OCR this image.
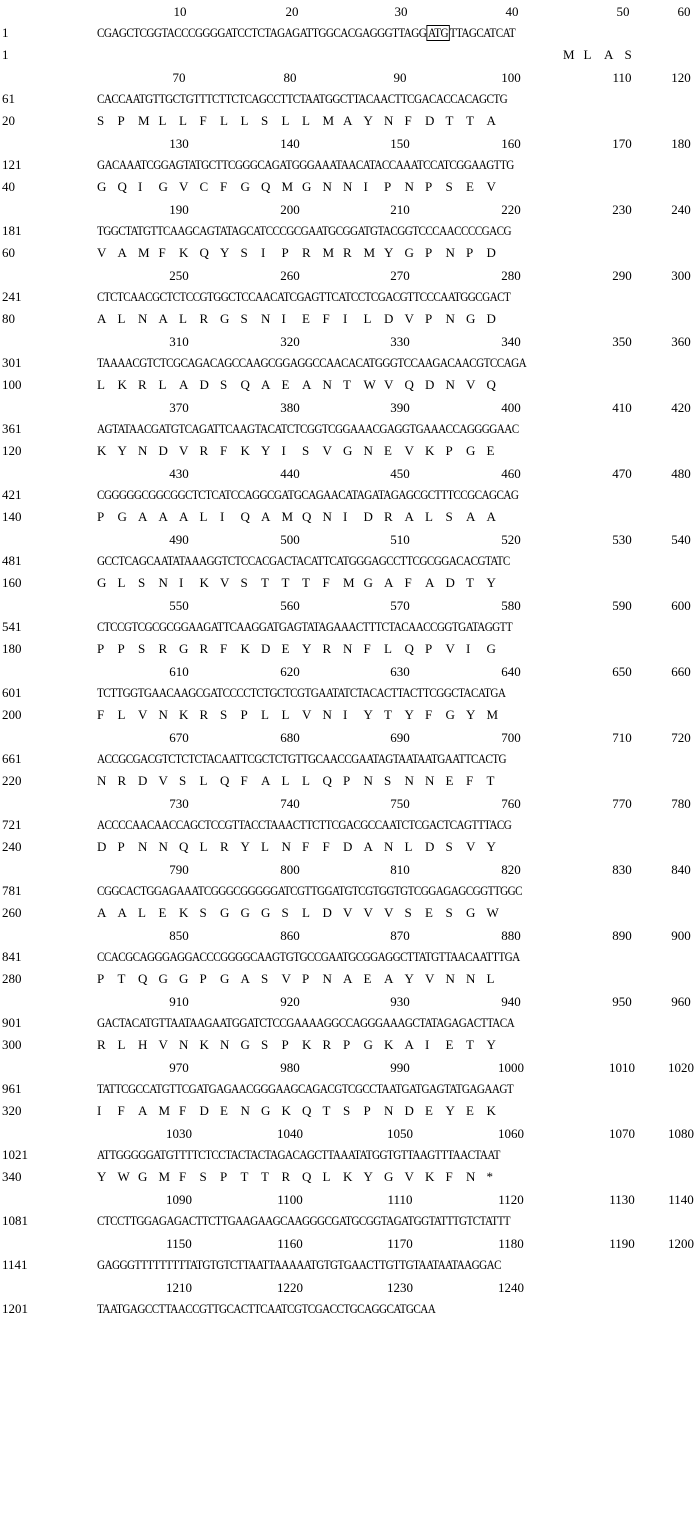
10	20	30	40	50	60
1	CGAGCTCGGTACCCGGGGATCCTCTAGAGATTGGCACGAGGGTTAGG ATG TTAGCATCAT
1	M L A S
70	80	90	100	110	120
61	CACCAATGTTGCTGTTTCTTCTCAGCCTTCTAATGGCTTACAACTTCGACACCACAGCTG
20	S P M L L F L L S L L M A Y N F D T T A
130	140	150	160	170	180
121	GACAAATCGGAGTATGCTTCGGGCAGATGGGAAATAACATACCAAATCCATCGGAAGTTG
40	G Q I G V C F G Q M G N N I P N P S E V
190	200	210	220	230	240
181	TGGCTATGTTCAAGCAGTATAGCATCCCGCGAATGCGGATGTACGGTCCCAACCCCGACG
60	V A M F K Q Y S I P R M R M Y G P N P D
250	260	270	280	290	300
241	CTCTCAACGCTCTCCGTGGCTCCAACATCGAGTTCATCCTCGACGTTCCCAATGGCGACT
80	A L N A L R G S N I E F I L D V P N G D
310	320	330	340	350	360
301	TAAAACGTCTCGCAGACAGCCAAGCGGAGGCCAACACATGGGTCCAAGACAACGTCCAGA
100	L K R L A D S Q A E A N T W V Q D N V Q
370	380	390	400	410	420
361	AGTATAACGATGTCAGATTCAAGTACATCTCGGTCGGAAACGAGGTGAAACCAGGGGAAC
120	K Y N D V R F K Y I S V G N E V K P G E
430	440	450	460	470	480
421	CGGGGGCGGCGGCTCTCATCCAGGCGATGCAGAACATAGATAGAGCGCTTTCCGCAGCAG
140	P G A A A L I Q A M Q N I D R A L S A A
490	500	510	520	530	540
481	GCCTCAGCAATATAAAGGTCTCCACGACTACATTCATGGGAGCCTTCGCGGACACGTATC
160	G L S N I K V S T T T F M G A F A D T Y
550	560	570	580	590	600
541	CTCCGTCGCGCGGAAGATTCAAGGATGAGTATAGAAACTTTCTACAACCGGTGATAGGTT
180	P P S R G R F K D E Y R N F L Q P V I G
610	620	630	640	650	660
601	TCTTGGTGAACAAGCGATCCCCTCTGCTCGTGAATATCTACACTTACTTCGGCTACATGA
200	F L V N K R S P L L V N I Y T Y F G Y M
670	680	690	700	710	720
661	ACCGCGACGTCTCTCTACAATTCGCTCTGTTGCAACCGAATAGTAATAATGAATTCACTG
220	N R D V S L Q F A L L Q P N S N N E F T
730	740	750	760	770	780
721	ACCCCAACAACCAGCTCCGTTACCTAAACTTCTTCGACGCCAATCTCGACTCAGTTTACG
240	D P N N Q L R Y L N F F D A N L D S V Y
790	800	810	820	830	840
781	CGGCACTGGAGAAATCGGGCGGGGGATCGTTGGATGTCGTGGTGTCGGAGAGCGGTTGGC
260	A A L E K S G G G S L D V V V S E S G W
850	860	870	880	890	900
841	CCACGCAGGGAGGACCCGGGGCAAGTGTGCCGAATGCGGAGGCTTATGTTAACAATTTGA
280	P T Q G G P G A S V P N A E A Y V N N L
910	920	930	940	950	960
901	GACTACATGTTAATAAGAATGGATCTCCGAAAAGGCCAGGGAAAGCTATAGAGACTTACA
300	R L H V N K N G S P K R P G K A I E T Y
970	980	990	1000	1010	1020
961	TATTCGCCATGTTCGATGAGAACGGGAAGCAGACGTCGCCTAATGATGAGTATGAGAAGT
320	I F A M F D E N G K Q T S P N D E Y E K
1030	1040	1050	1060	1070	1080
1021	ATTGGGGGATGTTTTCTCCTACTACTAGACAGCTTAAATATGGTGTTAAGTTTAACTAAT
340	Y W G M F S P T T R Q L K Y G V K F N *
1090	1100	1110	1120	1130	1140
1081	CTCCTTGGAGAGACTTCTTGAAGAAGCAAGGGCGATGCGGTAGATGGTATTTGTCTATTT
1150	1160	1170	1180	1190	1200
1141	GAGGGTTTTTTTTTATGTGTCTTAATTAAAAATGTGTGAACTTGTTGTAATAATAAGGAC
1210	1220	1230	1240
1201	TAATGAGCCTTAACCGTTGCACTTCAATCGTCGACCTGCAGGCATGCAA
